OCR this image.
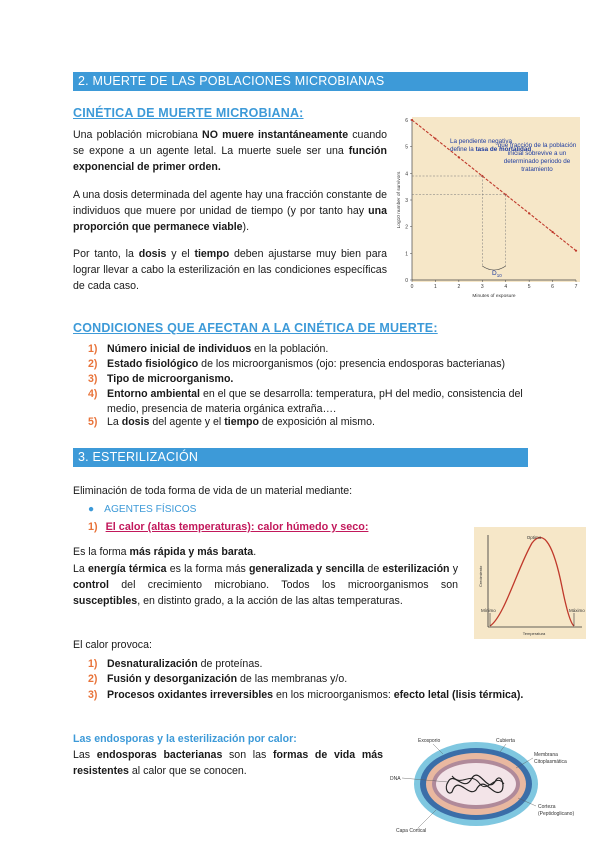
2. MUERTE DE LAS POBLACIONES MICROBIANAS
CINÉTICA DE MUERTE MICROBIANA:
Una población microbiana NO muere instantáneamente cuando se expone a un agente letal. La muerte suele ser una función exponencial de primer orden.
A una dosis determinada del agente hay una fracción constante de individuos que muere por unidad de tiempo (y por tanto hay una proporción que permanece viable).
Por tanto, la dosis y el tiempo deben ajustarse muy bien para lograr llevar a cabo la esterilización en las condiciones específicas de cada caso.	0	1	2	3	4	5	6	7
0
1
2
3
4
5
6
Minutes of exposure
Log10 number of survivors
La pendiente negativa
define la tasa de mortalidad
que fracción de la población inicial sobrevive a un determinado periodo de tratamiento
$D_{10}$
CONDICIONES QUE AFECTAN A LA CINÉTICA DE MUERTE:
1) Número inicial de individuos en la población.
2) Estado fisiológico de los microorganismos (ojo: presencia endosporas bacterianas)
3) Tipo de microorganismo.
4) Entorno ambiental en el que se desarrolla: temperatura, pH del medio, consistencia del medio, presencia de materia orgánica extraña….
5) La dosis del agente y el tiempo de exposición al mismo.
3. ESTERILIZACIÓN
Eliminación de toda forma de vida de un material mediante:
● AGENTES FÍSICOS
1) El calor (altas temperaturas): calor húmedo y seco:
Es la forma más rápida y más barata.
La energía térmica es la forma más generalizada y sencilla de esterilización y control del crecimiento microbiano. Todos los microorganismos son susceptibles, en distinto grado, a la acción de las altas temperaturas.
Optimo
Mínimo	Máximo
Crecimiento
Temperatura
El calor provoca:
1) Desnaturalización de proteínas.
2) Fusión y desorganización de las membranas y/o.
3) Procesos oxidantes irreversibles en los microorganismos: efecto letal (lisis térmica).
Las endosporas y la esterilización por calor:
Las endosporas bacterianas son las formas de vida más resistentes al calor que se conocen.
Exosporio	Cubierta
Membrana
Citoplasmática
DNA
Corteza
(Peptidoglicano)
Capa Cortical
